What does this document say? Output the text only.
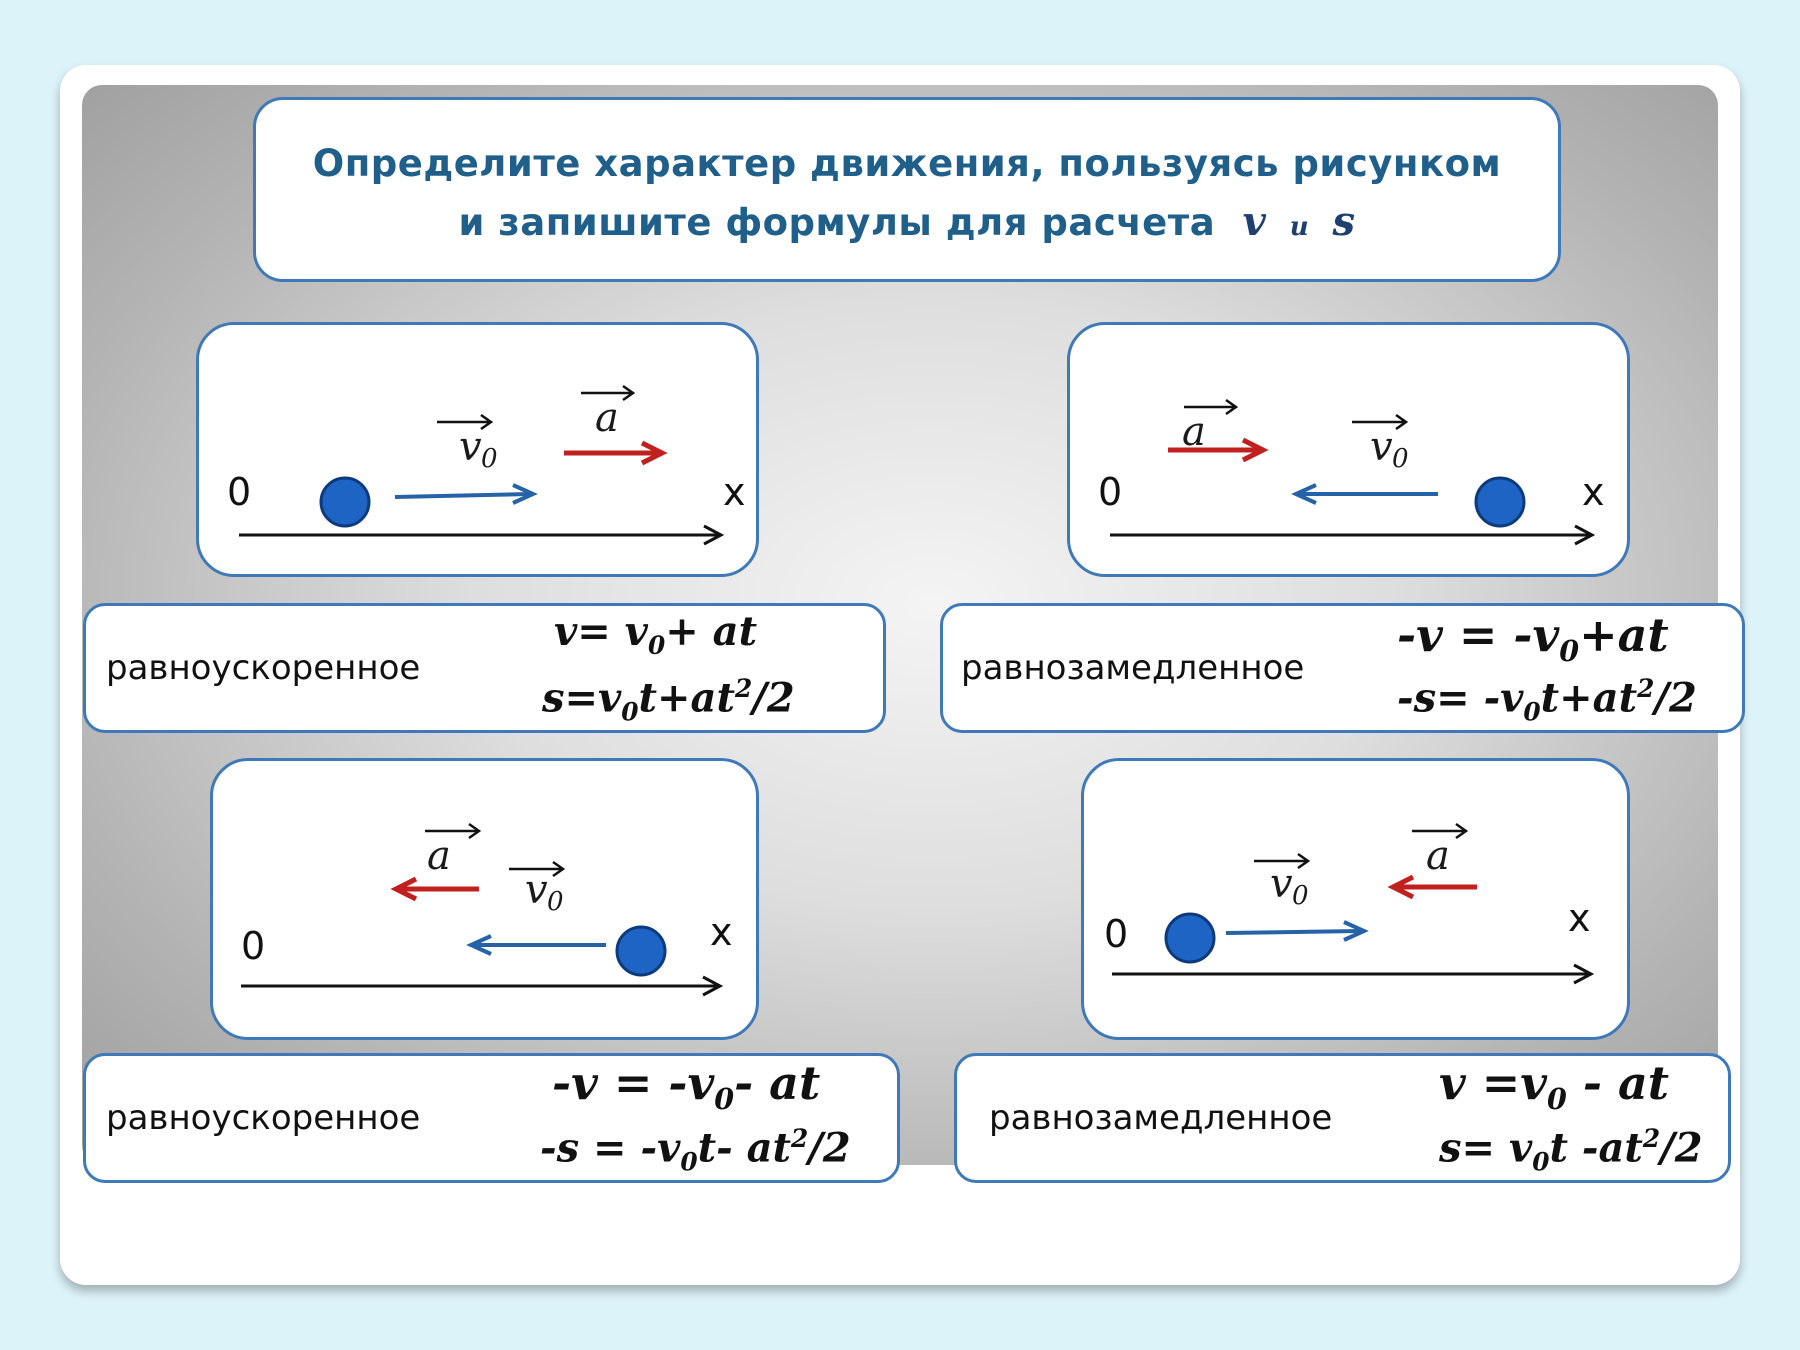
Определите характер движения, пользуясь рисунком
и запишите формулы для расчета v и s
0	x
v 0
a
0	x
v 0
a
0	x
v 0
a
0	x
v 0
a
равноускоренное
$v= v_0+$ at
$s=v_0t+at^2/2$
равнозамедленное
$-v = -v_0+at$
$-s= -v_0t+at^2/2$
равноускоренное
$-v = -v_0-$ at
$-s = -v_0t-$ $at^2/2$
равнозамедленное
$v =v_0$ - at
$s= v_0t$ $-at^2/2$
